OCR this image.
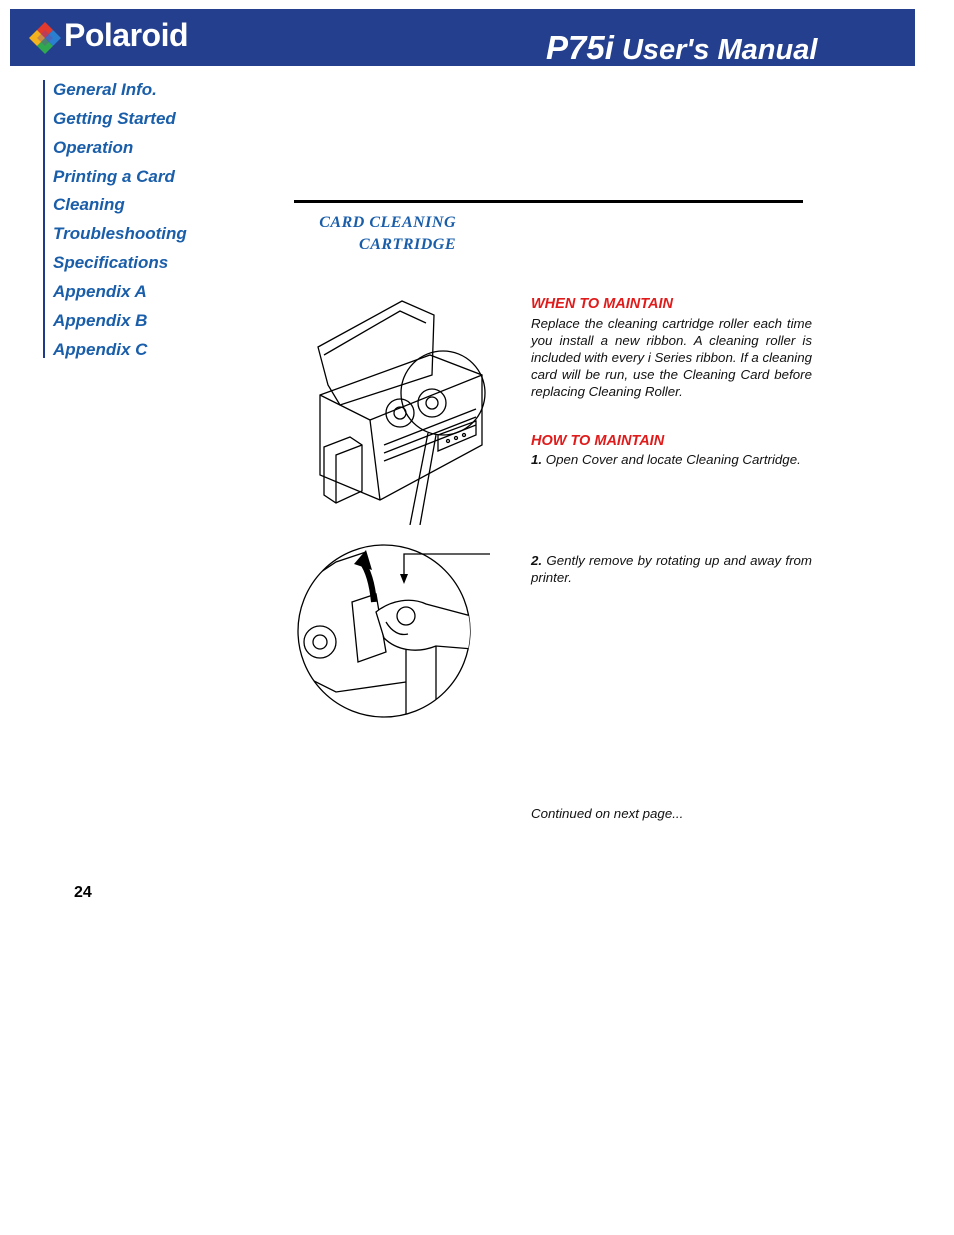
Polaroid	P75i User's Manual
General Info.
Getting Started
Operation
Printing a Card
Cleaning
Troubleshooting
Specifications
Appendix A
Appendix B
Appendix C
CARD CLEANING
CARTRIDGE
WHEN TO MAINTAIN
Replace the cleaning cartridge roller each time you install a new ribbon. A cleaning roller is included with every i Series ribbon. If a cleaning card will be run, use the Cleaning Card before replacing Cleaning Roller.
HOW TO MAINTAIN
1. Open Cover and locate Cleaning Cartridge.
2. Gently remove by rotating up and away from printer.
Continued on next page...
24
